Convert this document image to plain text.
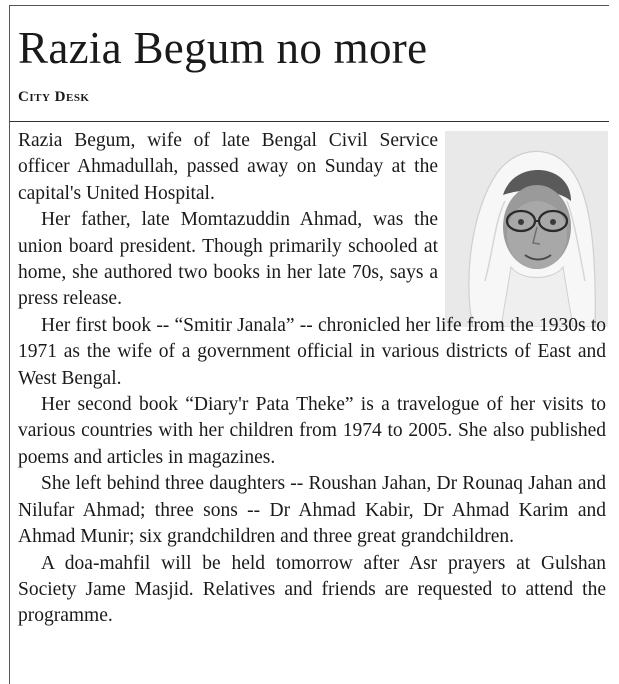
Razia Begum no more
City Desk

Razia Begum, wife of late Bengal Civil Service officer Ahmadullah, passed away on Sunday at the capital's United Hospital.

Her father, late Momtazuddin Ahmad, was the union board president. Though primarily schooled at home, she authored two books in her late 70s, says a press release.

Her first book -- “Smitir Janala” -- chronicled her life from the 1930s to 1971 as the wife of a government official in various districts of East and West Bengal.

Her second book “Diary'r Pata Theke” is a travelogue of her visits to various countries with her children from 1974 to 2005. She also published poems and articles in magazines.

She left behind three daughters -- Roushan Jahan, Dr Rounaq Jahan and Nilufar Ahmad; three sons -- Dr Ahmad Kabir, Dr Ahmad Karim and Ahmad Munir; six grandchildren and three great grandchildren.

A doa-mahfil will be held tomorrow after Asr prayers at Gulshan Society Jame Masjid. Relatives and friends are requested to attend the programme.
